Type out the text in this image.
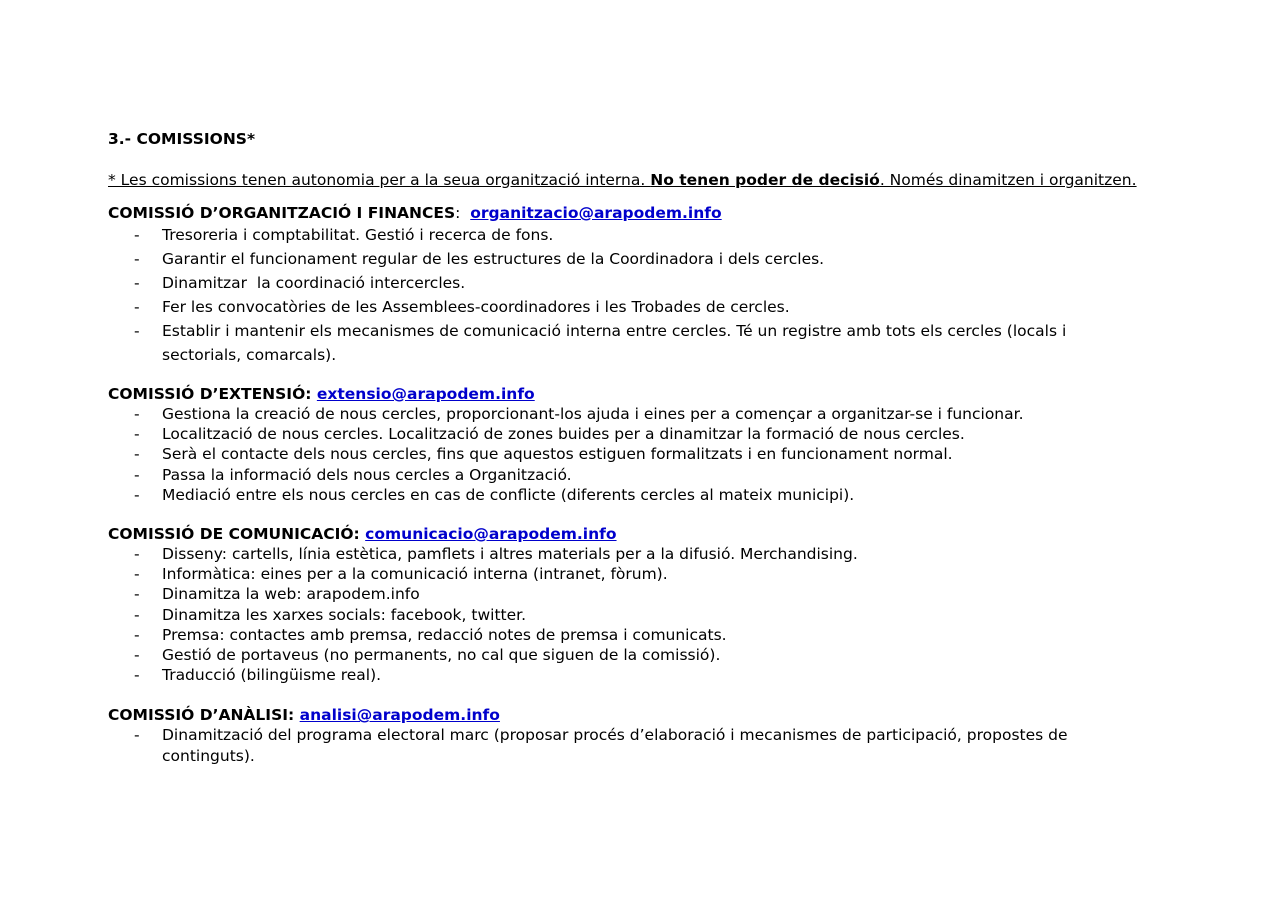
3.- COMISSIONS*
* Les comissions tenen autonomia per a la seua organització interna. No tenen poder de decisió. Només dinamitzen i organitzen.
COMISSIÓ D’ORGANITZACIÓ I FINANCES:  organitzacio@arapodem.info
- Tresoreria i comptabilitat. Gestió i recerca de fons.
- Garantir el funcionament regular de les estructures de la Coordinadora i dels cercles.
- Dinamitzar  la coordinació intercercles.
- Fer les convocatòries de les Assemblees-coordinadores i les Trobades de cercles.
- Establir i mantenir els mecanismes de comunicació interna entre cercles. Té un registre amb tots els cercles (locals i sectorials, comarcals).
COMISSIÓ D’EXTENSIÓ: extensio@arapodem.info
- Gestiona la creació de nous cercles, proporcionant-los ajuda i eines per a començar a organitzar-se i funcionar.
- Localització de nous cercles. Localització de zones buides per a dinamitzar la formació de nous cercles.
- Serà el contacte dels nous cercles, fins que aquestos estiguen formalitzats i en funcionament normal.
- Passa la informació dels nous cercles a Organització.
- Mediació entre els nous cercles en cas de conflicte (diferents cercles al mateix municipi).
COMISSIÓ DE COMUNICACIÓ: comunicacio@arapodem.info
- Disseny: cartells, línia estètica, pamflets i altres materials per a la difusió. Merchandising.
- Informàtica: eines per a la comunicació interna (intranet, fòrum).
- Dinamitza la web: arapodem.info
- Dinamitza les xarxes socials: facebook, twitter.
- Premsa: contactes amb premsa, redacció notes de premsa i comunicats.
- Gestió de portaveus (no permanents, no cal que siguen de la comissió).
- Traducció (bilingüisme real).
COMISSIÓ D’ANÀLISI: analisi@arapodem.info
- Dinamització del programa electoral marc (proposar procés d’elaboració i mecanismes de participació, propostes de continguts).
